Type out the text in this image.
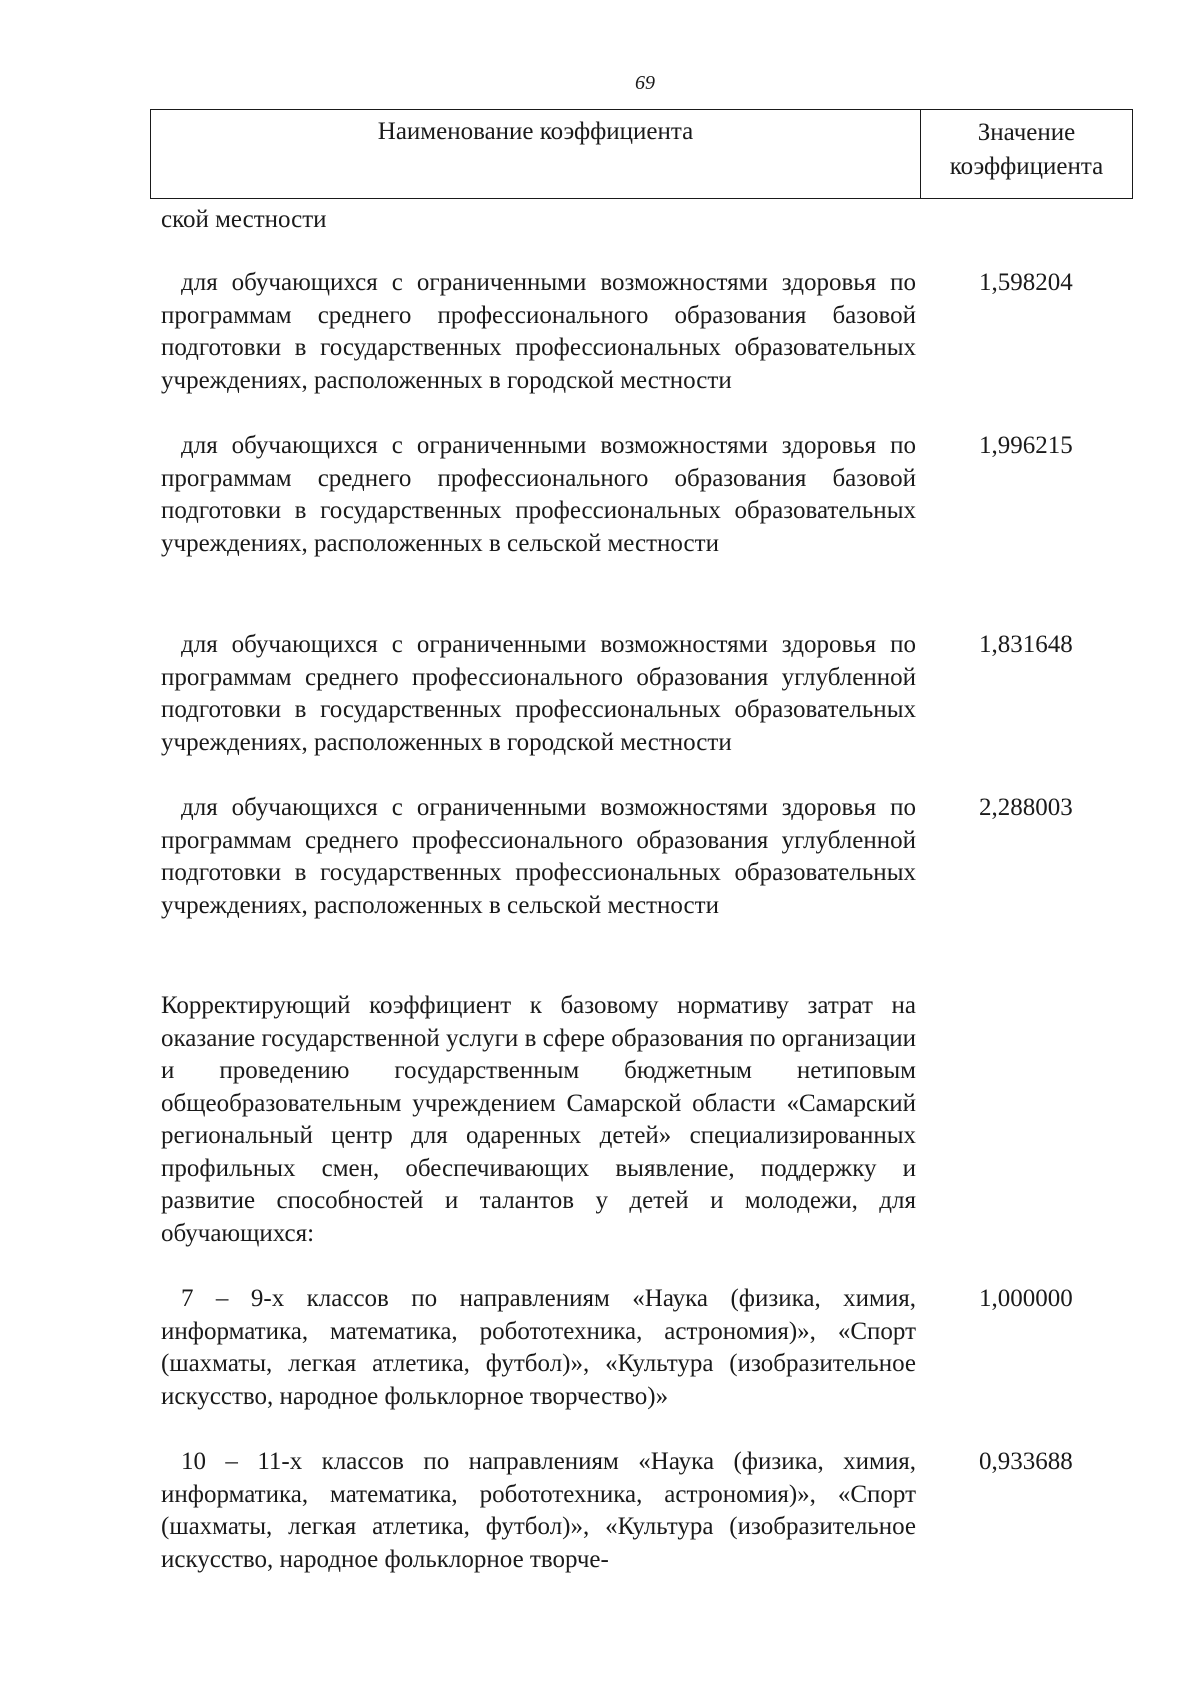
69
Наименование коэффициента	Значение коэффициента
ской местности
для обучающихся с ограниченными возможностями здоровья по программам среднего профессионального образования базовой подготовки в государственных профессиональных образовательных учреждениях, расположенных в городской местности
1,598204
для обучающихся с ограниченными возможностями здоровья по программам среднего профессионального образования базовой подготовки в государственных профессиональных образовательных учреждениях, расположенных в сельской местности
1,996215
для обучающихся с ограниченными возможностями здоровья по программам среднего профессионального образования углубленной подготовки в государственных профессиональных образовательных учреждениях, расположенных в городской местности
1,831648
для обучающихся с ограниченными возможностями здоровья по программам среднего профессионального образования углубленной подготовки в государственных профессиональных образовательных учреждениях, расположенных в сельской местности
2,288003
Корректирующий коэффициент к базовому нормативу затрат на оказание государственной услуги в сфере образования по организации и проведению государственным бюджетным нетиповым общеобразовательным учреждением Самарской области «Самарский региональный центр для одаренных детей» специализированных профильных смен, обеспечивающих выявление, поддержку и развитие способностей и талантов у детей и молодежи, для обучающихся:
7 – 9-х классов по направлениям «Наука (физика, химия, информатика, математика, робототехника, астрономия)», «Спорт (шахматы, легкая атлетика, футбол)», «Культура (изобразительное искусство, народное фольклорное творчество)»
1,000000
10 – 11-х классов по направлениям «Наука (физика, химия, информатика, математика, робототехника, астрономия)», «Спорт (шахматы, легкая атлетика, футбол)», «Культура (изобразительное искусство, народное фольклорное творче-
0,933688
